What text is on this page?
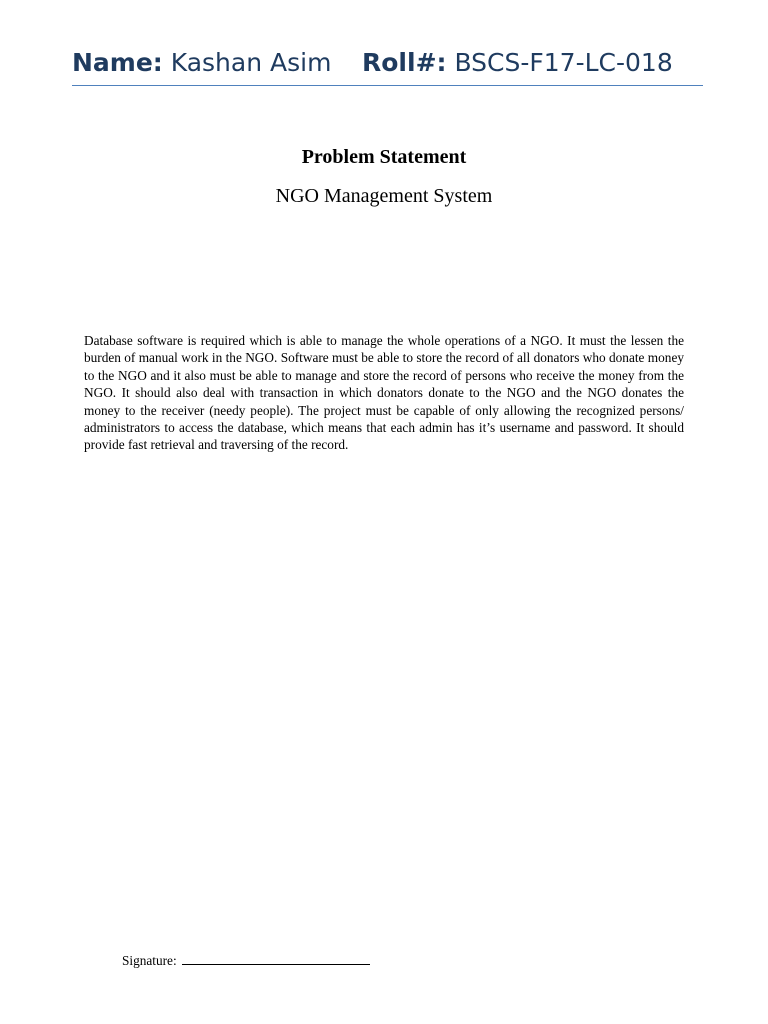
Name: Kashan Asim Roll#: BSCS-F17-LC-018
Problem Statement
NGO Management System
Database software is required which is able to manage the whole operations of a NGO. It must the lessen the burden of manual work in the NGO. Software must be able to store the record of all donators who donate money to the NGO and it also must be able to manage and store the record of persons who receive the money from the NGO. It should also deal with transaction in which donators donate to the NGO and the NGO donates the money to the receiver (needy people). The project must be capable of only allowing the recognized persons/ administrators to access the database, which means that each admin has it’s username and password. It should provide fast retrieval and traversing of the record.
Signature:
